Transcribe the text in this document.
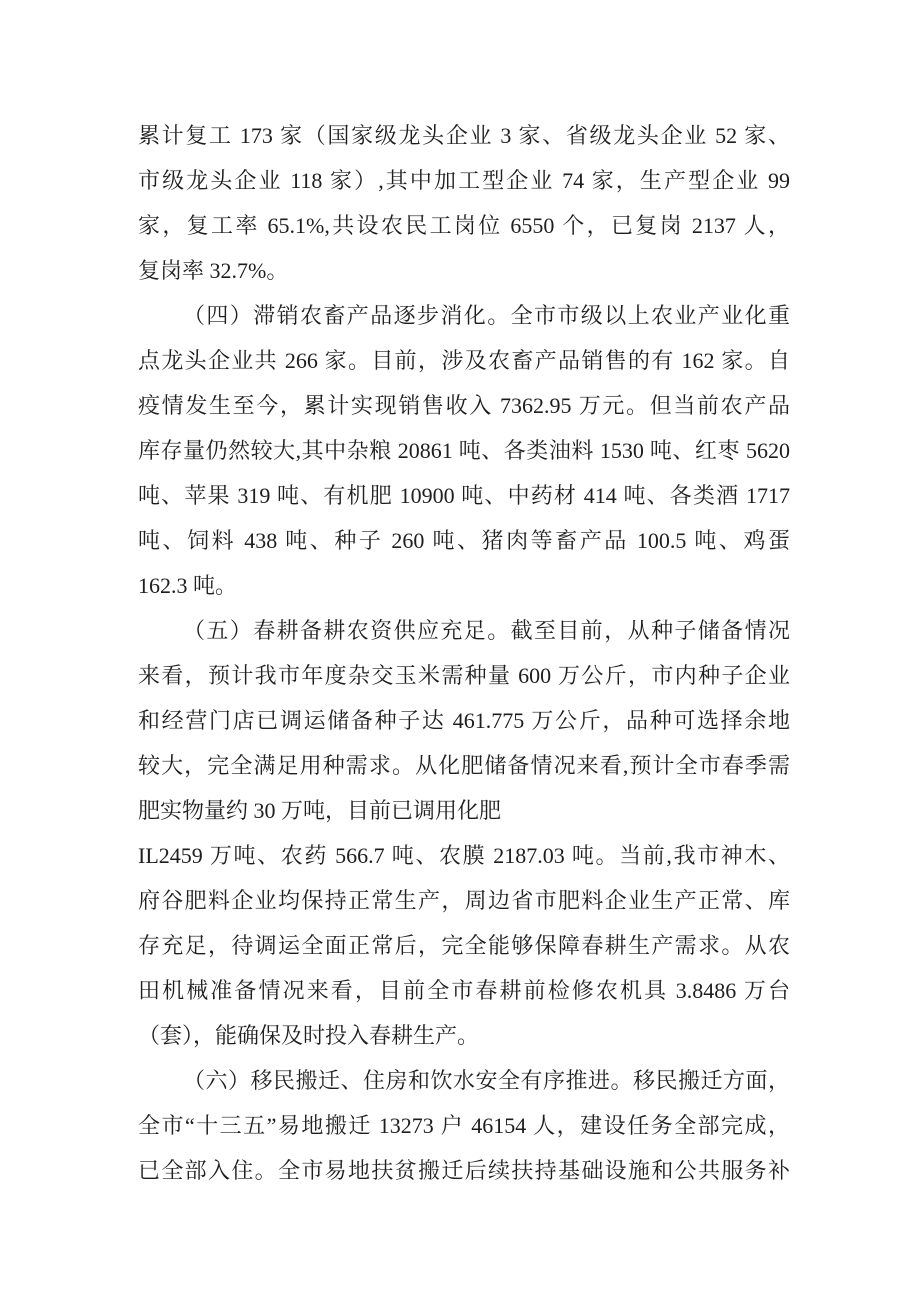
累计复工 173 家（国家级龙头企业 3 家、省级龙头企业 52 家、
市级龙头企业 118 家）,其中加工型企业 74 家，生产型企业 99
家，复工率 65.1%,共设农民工岗位 6550 个，已复岗 2137 人，
复岗率 32.7%。
（四）滞销农畜产品逐步消化。全市市级以上农业产业化重
点龙头企业共 266 家。目前，涉及农畜产品销售的有 162 家。自
疫情发生至今，累计实现销售收入 7362.95 万元。但当前农产品
库存量仍然较大,其中杂粮 20861 吨、各类油料 1530 吨、红枣 5620
吨、苹果 319 吨、有机肥 10900 吨、中药材 414 吨、各类酒 1717
吨、饲料 438 吨、种子 260 吨、猪肉等畜产品 100.5 吨、鸡蛋
162.3 吨。
（五）春耕备耕农资供应充足。截至目前，从种子储备情况
来看，预计我市年度杂交玉米需种量 600 万公斤，市内种子企业
和经营门店已调运储备种子达 461.775 万公斤，品种可选择余地
较大，完全满足用种需求。从化肥储备情况来看,预计全市春季需
肥实物量约 30 万吨，目前已调用化肥
IL2459 万吨、农药 566.7 吨、农膜 2187.03 吨。当前,我市神木、
府谷肥料企业均保持正常生产，周边省市肥料企业生产正常、库
存充足，待调运全面正常后，完全能够保障春耕生产需求。从农
田机械准备情况来看，目前全市春耕前检修农机具 3.8486 万台
（套），能确保及时投入春耕生产。
（六）移民搬迁、住房和饮水安全有序推进。移民搬迁方面，
全市“十三五”易地搬迁 13273 户 46154 人，建设任务全部完成，
已全部入住。全市易地扶贫搬迁后续扶持基础设施和公共服务补
